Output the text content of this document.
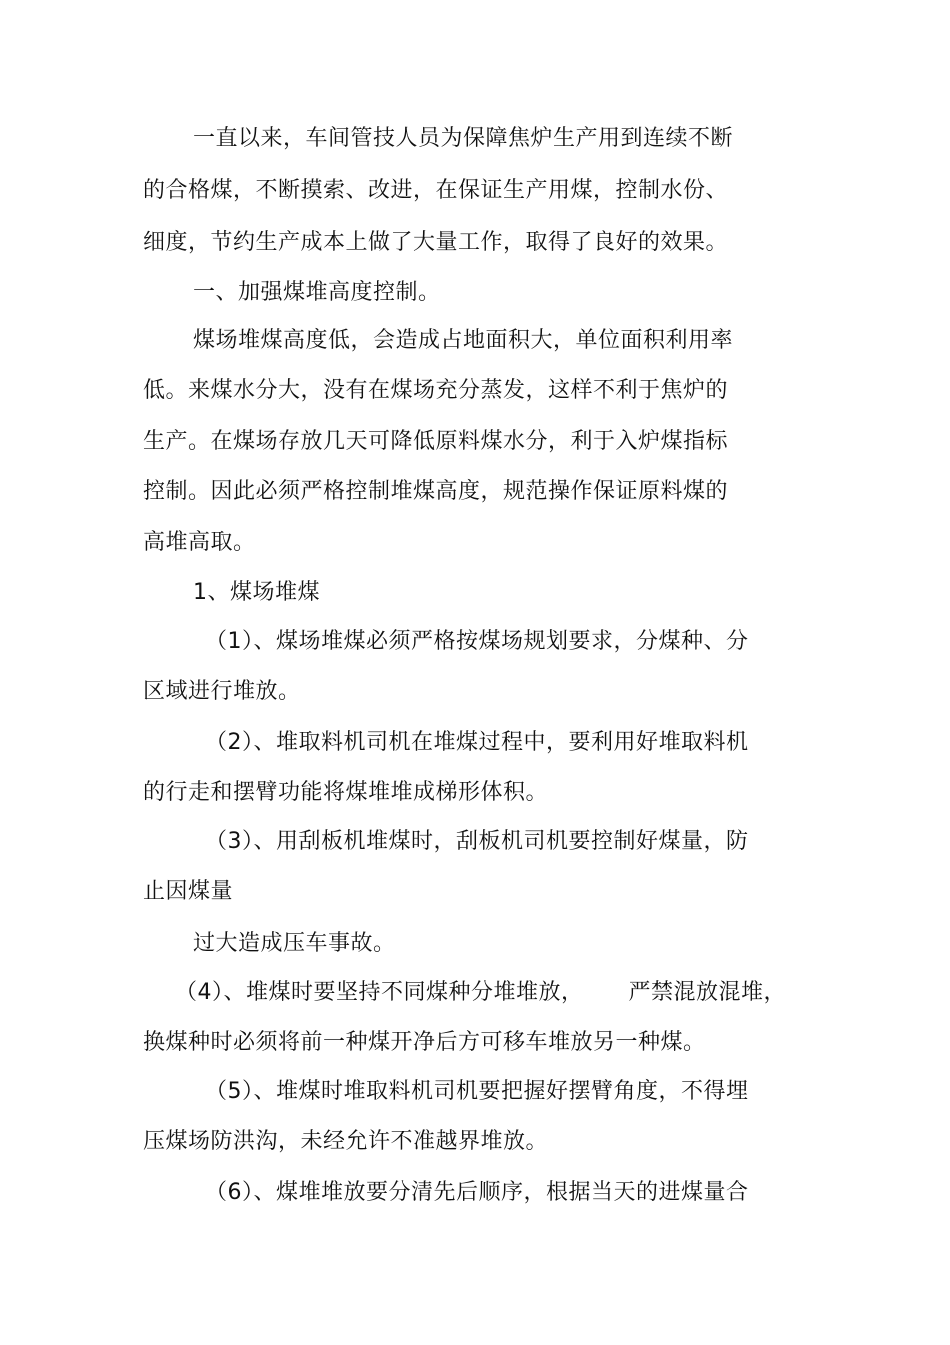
一直以来，车间管技人员为保障焦炉生产用到连续不断
的合格煤，不断摸索、改进，在保证生产用煤，控制水份、
细度，节约生产成本上做了大量工作，取得了良好的效果。
一、加强煤堆高度控制。
煤场堆煤高度低，会造成占地面积大，单位面积利用率
低。来煤水分大，没有在煤场充分蒸发，这样不利于焦炉的
生产。在煤场存放几天可降低原料煤水分，利于入炉煤指标
控制。因此必须严格控制堆煤高度，规范操作保证原料煤的
高堆高取。
1、煤场堆煤
（1）、煤场堆煤必须严格按煤场规划要求，分煤种、分
区域进行堆放。
（2）、堆取料机司机在堆煤过程中，要利用好堆取料机
的行走和摆臂功能将煤堆堆成梯形体积。
（3）、用刮板机堆煤时，刮板机司机要控制好煤量，防
止因煤量
过大造成压车事故。
（4）、堆煤时要坚持不同煤种分堆堆放，      严禁混放混堆，
换煤种时必须将前一种煤开净后方可移车堆放另一种煤。
（5）、堆煤时堆取料机司机要把握好摆臂角度，不得埋
压煤场防洪沟，未经允许不准越界堆放。
（6）、煤堆堆放要分清先后顺序，根据当天的进煤量合
